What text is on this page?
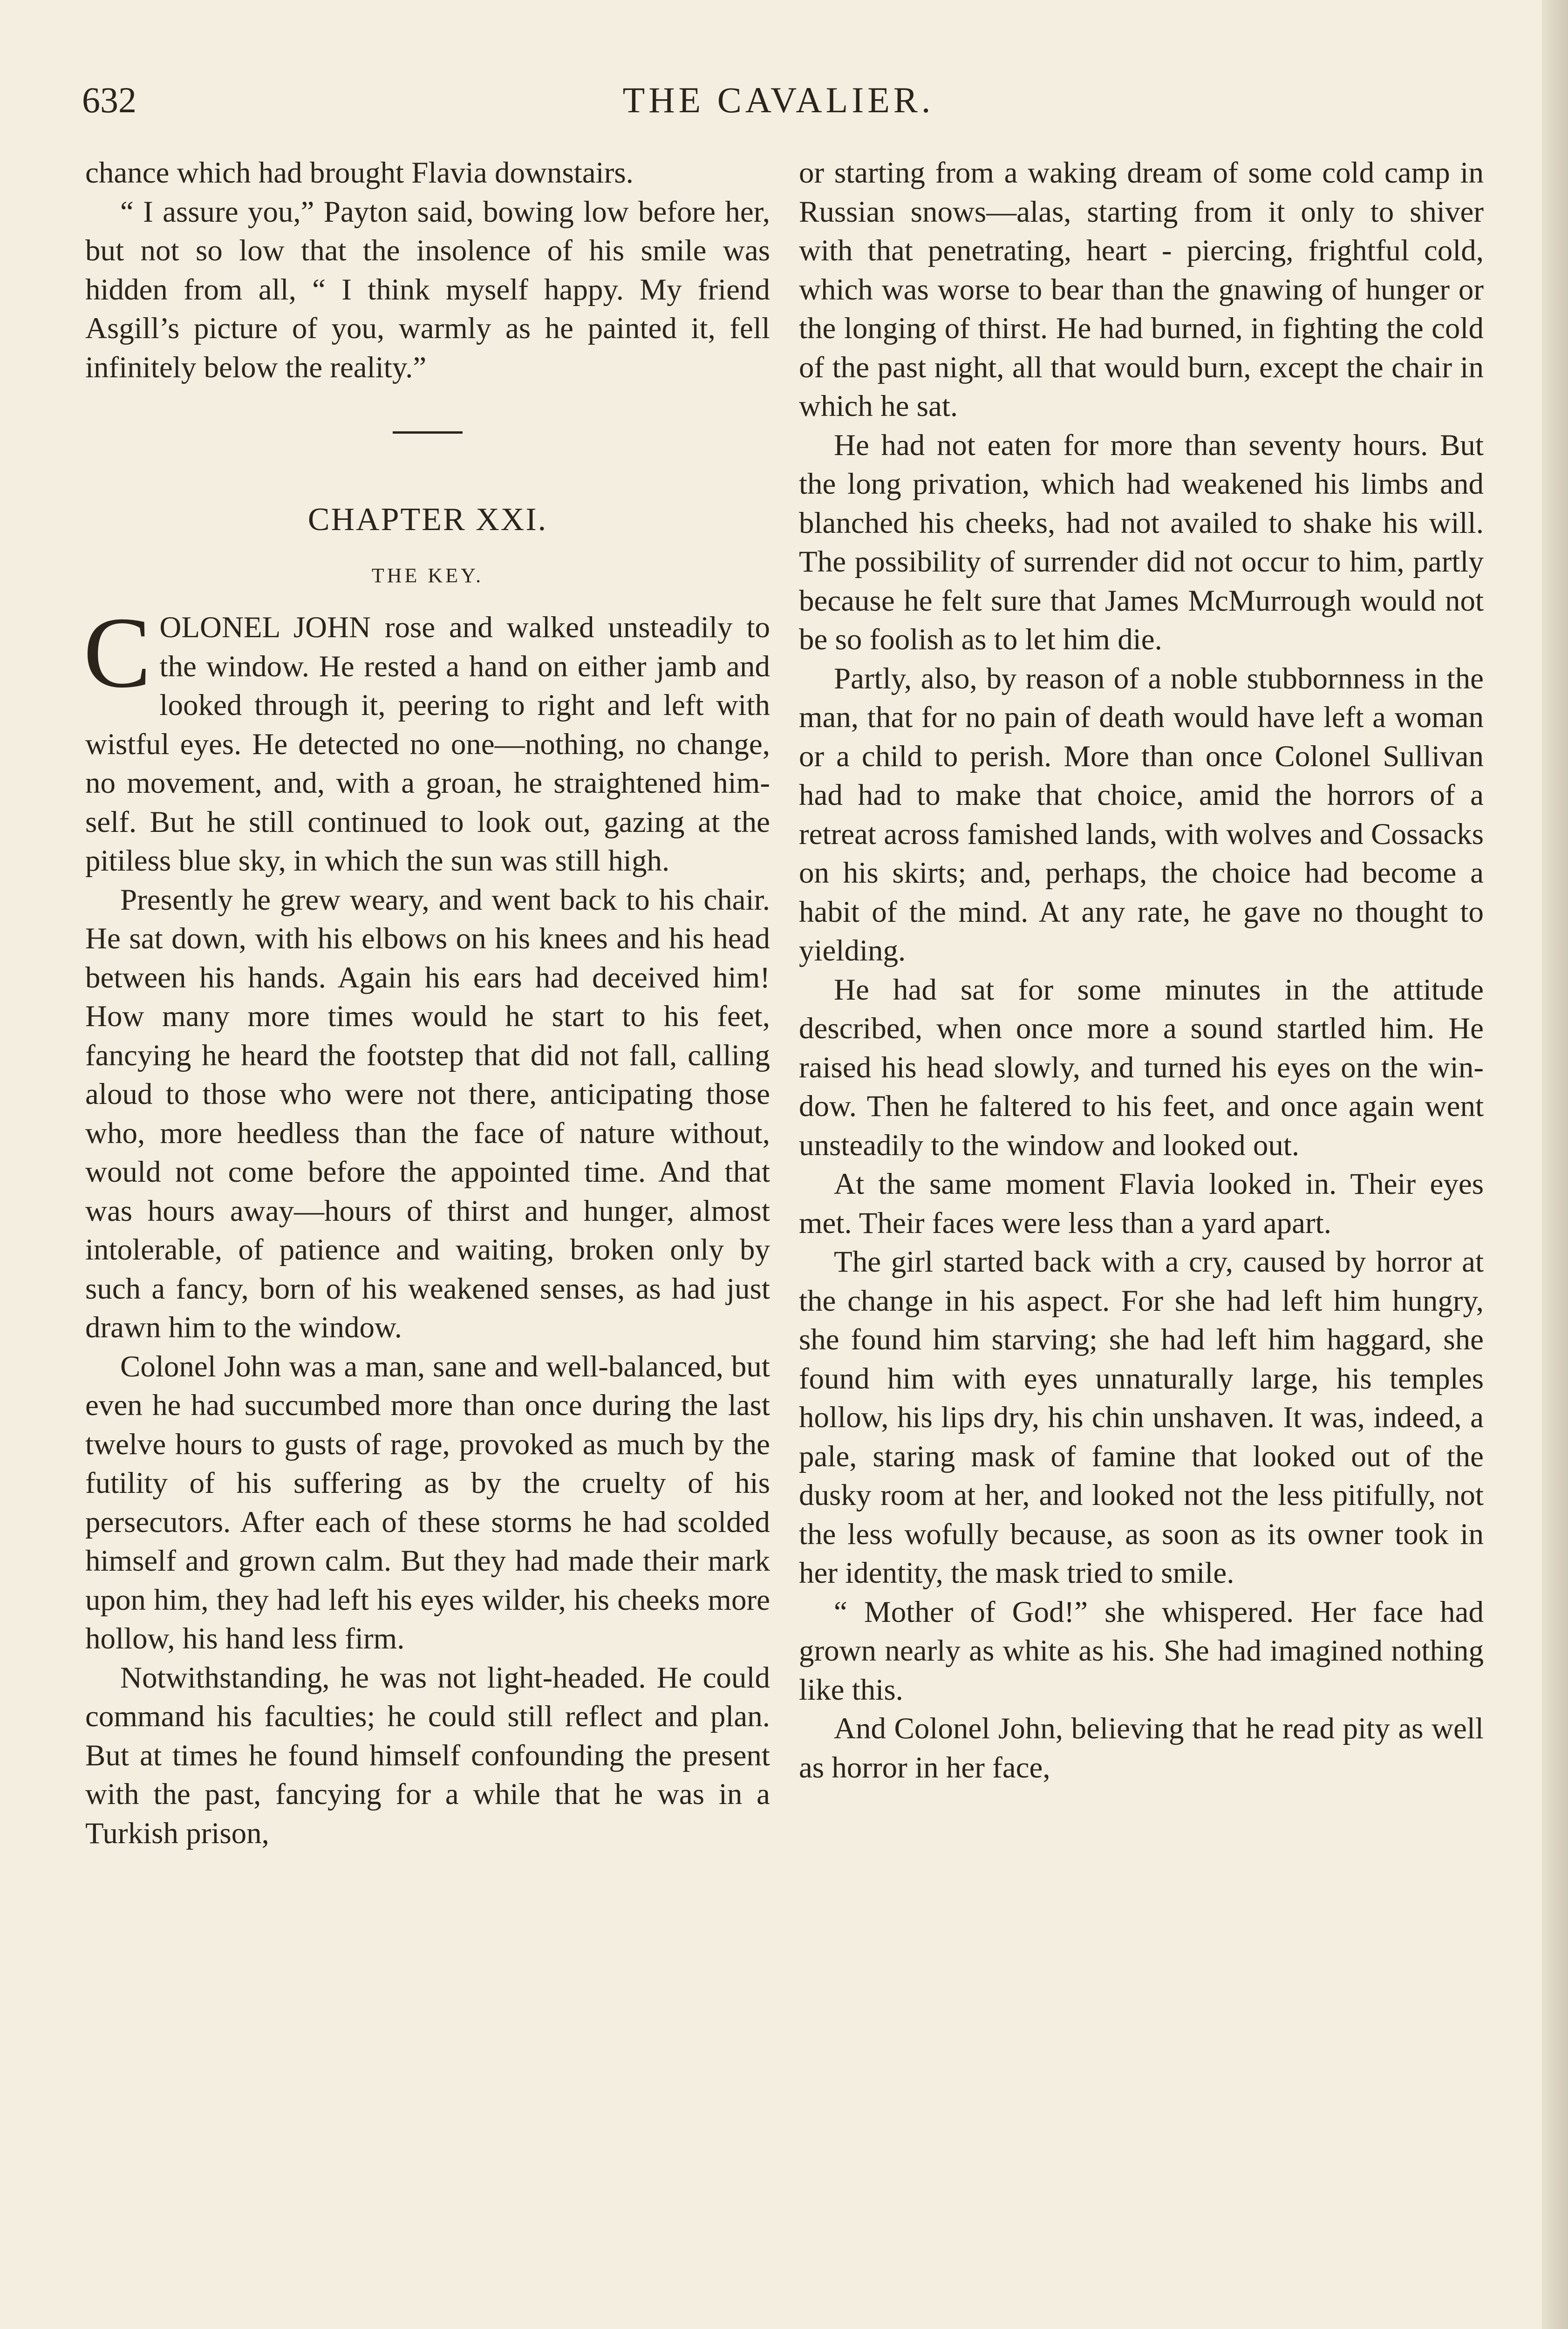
632	THE CAVALIER.

chance which had brought Flavia downstairs.

“ I assure you,” Payton said, bowing low before her, but not so low that the insolence of his smile was hidden from all, “ I think myself happy. My friend Asgill’s picture of you, warmly as he painted it, fell infinitely below the reality.”

CHAPTER XXI.
THE KEY.

COLONEL JOHN rose and walked unsteadily to the window. He rested a hand on either jamb and looked through it, peering to right and left with wistful eyes. He detected no one—nothing, no change, no movement, and, with a groan, he straightened himself. But he still continued to look out, gazing at the pitiless blue sky, in which the sun was still high.

Presently he grew weary, and went back to his chair. He sat down, with his elbows on his knees and his head between his hands. Again his ears had deceived him! How many more times would he start to his feet, fancying he heard the footstep that did not fall, calling aloud to those who were not there, anticipating those who, more heedless than the face of nature without, would not come before the appointed time. And that was hours away—hours of thirst and hunger, almost intolerable, of patience and waiting, broken only by such a fancy, born of his weakened senses, as had just drawn him to the window.

Colonel John was a man, sane and well-balanced, but even he had succumbed more than once during the last twelve hours to gusts of rage, provoked as much by the futility of his suffering as by the cruelty of his persecutors. After each of these storms he had scolded himself and grown calm. But they had made their mark upon him, they had left his eyes wilder, his cheeks more hollow, his hand less firm.

Notwithstanding, he was not light-headed. He could command his faculties; he could still reflect and plan. But at times he found himself confounding the present with the past, fancying for a while that he was in a Turkish prison,

or starting from a waking dream of some cold camp in Russian snows—alas, starting from it only to shiver with that penetrating, heart - piercing, frightful cold, which was worse to bear than the gnawing of hunger or the longing of thirst. He had burned, in fighting the cold of the past night, all that would burn, except the chair in which he sat.

He had not eaten for more than seventy hours. But the long privation, which had weakened his limbs and blanched his cheeks, had not availed to shake his will. The possibility of surrender did not occur to him, partly because he felt sure that James McMurrough would not be so foolish as to let him die.

Partly, also, by reason of a noble stubbornness in the man, that for no pain of death would have left a woman or a child to perish. More than once Colonel Sullivan had had to make that choice, amid the horrors of a retreat across famished lands, with wolves and Cossacks on his skirts; and, perhaps, the choice had become a habit of the mind. At any rate, he gave no thought to yielding.

He had sat for some minutes in the attitude described, when once more a sound startled him. He raised his head slowly, and turned his eyes on the window. Then he faltered to his feet, and once again went unsteadily to the window and looked out.

At the same moment Flavia looked in. Their eyes met. Their faces were less than a yard apart.

The girl started back with a cry, caused by horror at the change in his aspect. For she had left him hungry, she found him starving; she had left him haggard, she found him with eyes unnaturally large, his temples hollow, his lips dry, his chin unshaven. It was, indeed, a pale, staring mask of famine that looked out of the dusky room at her, and looked not the less pitifully, not the less wofully because, as soon as its owner took in her identity, the mask tried to smile.

“ Mother of God!” she whispered. Her face had grown nearly as white as his. She had imagined nothing like this.

And Colonel John, believing that he read pity as well as horror in her face,
